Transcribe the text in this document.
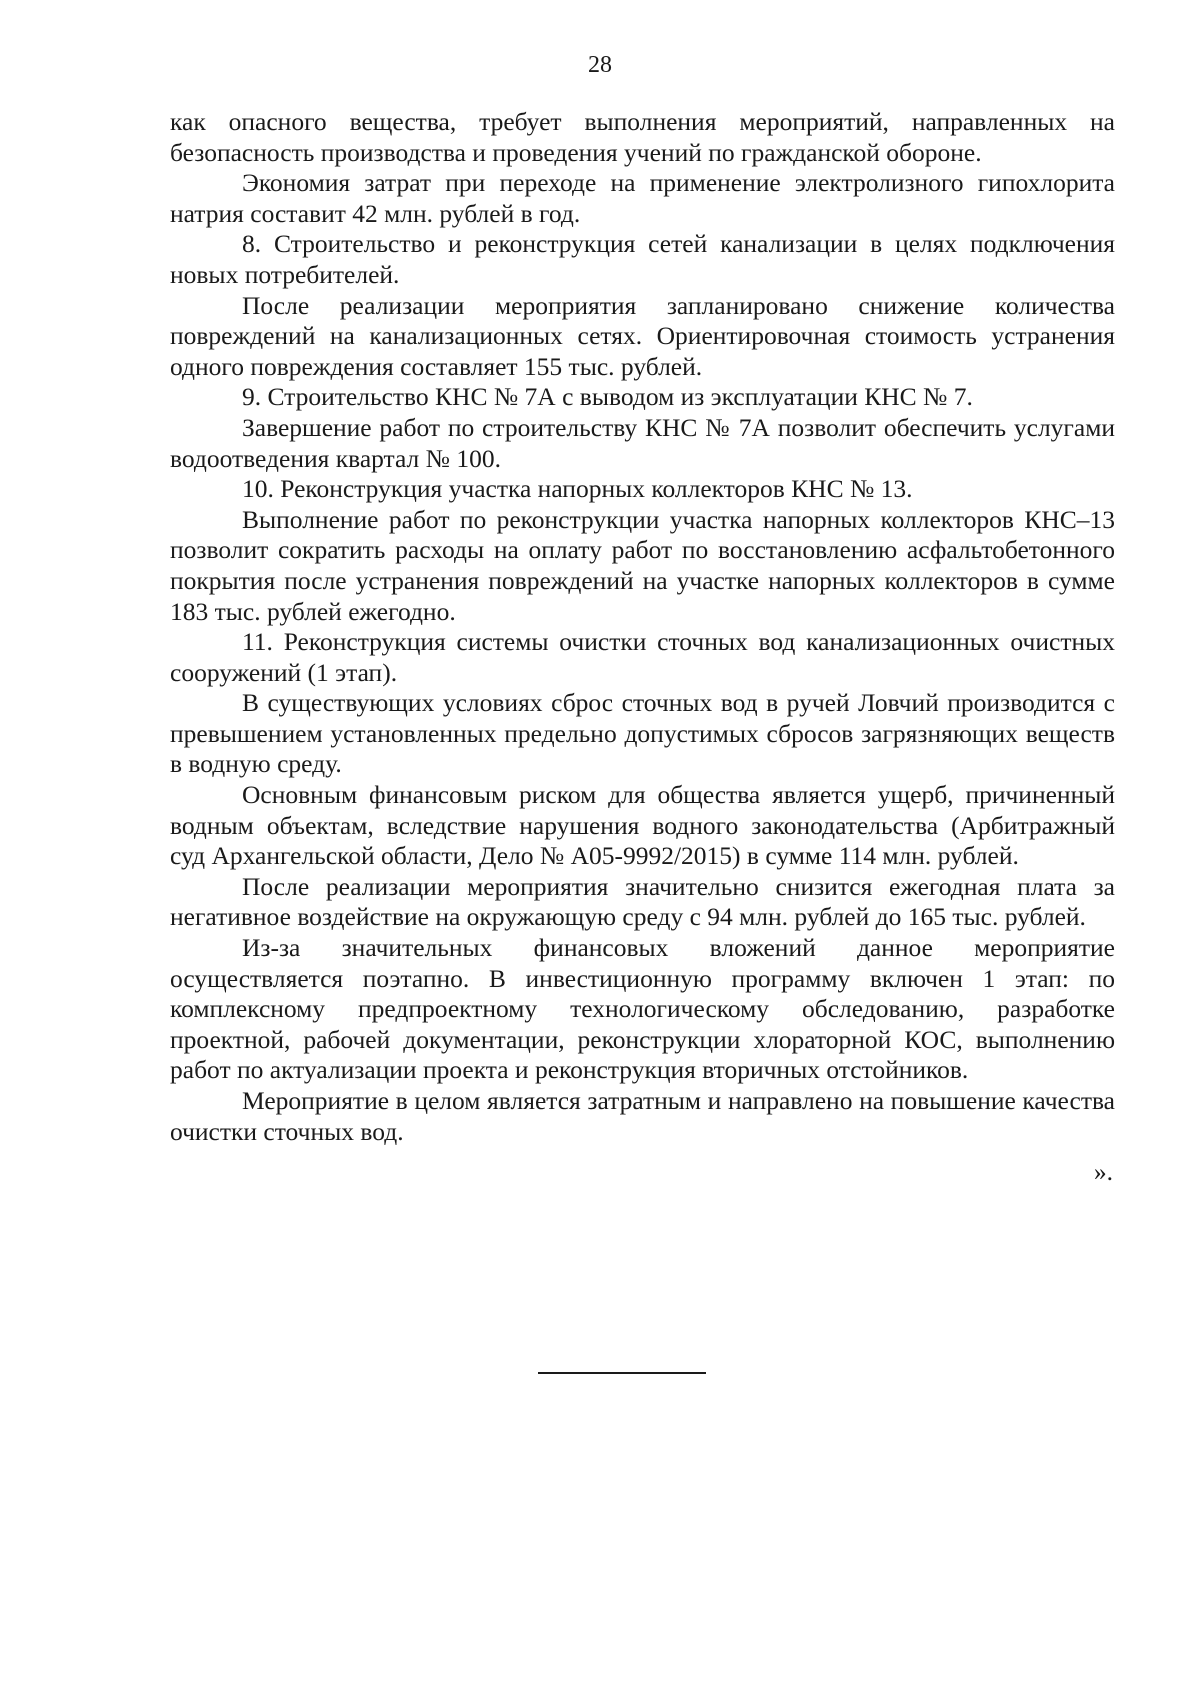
28

как опасного вещества, требует выполнения мероприятий, направленных на безопасность производства и проведения учений по гражданской обороне.

Экономия затрат при переходе на применение электролизного гипохлорита натрия составит 42 млн. рублей в год.

8. Строительство и реконструкция сетей канализации в целях подключения новых потребителей.

После реализации мероприятия запланировано снижение количества повреждений на канализационных сетях. Ориентировочная стоимость устранения одного повреждения составляет 155 тыс. рублей.

9. Строительство КНС № 7А с выводом из эксплуатации КНС № 7.

Завершение работ по строительству КНС № 7А позволит обеспечить услугами водоотведения квартал № 100.

10. Реконструкция участка напорных коллекторов КНС № 13.

Выполнение работ по реконструкции участка напорных коллекторов КНС–13 позволит сократить расходы на оплату работ по восстановлению асфальтобетонного покрытия после устранения повреждений на участке напорных коллекторов в сумме 183 тыс. рублей ежегодно.

11. Реконструкция системы очистки сточных вод канализационных очистных сооружений (1 этап).

В существующих условиях сброс сточных вод в ручей Ловчий производится с превышением установленных предельно допустимых сбросов загрязняющих веществ в водную среду.

Основным финансовым риском для общества является ущерб, причиненный водным объектам, вследствие нарушения водного законодательства (Арбитражный суд Архангельской области, Дело № А05-9992/2015) в сумме 114 млн. рублей.

После реализации мероприятия значительно снизится ежегодная плата за негативное воздействие на окружающую среду с 94 млн. рублей до 165 тыс. рублей.

Из-за значительных финансовых вложений данное мероприятие осуществляется поэтапно. В инвестиционную программу включен 1 этап: по комплексному предпроектному технологическому обследованию, разработке проектной, рабочей документации, реконструкции хлораторной КОС, выполнению работ по актуализации проекта и реконструкция вторичных отстойников.

Мероприятие в целом является затратным и направлено на повышение качества очистки сточных вод.

».
